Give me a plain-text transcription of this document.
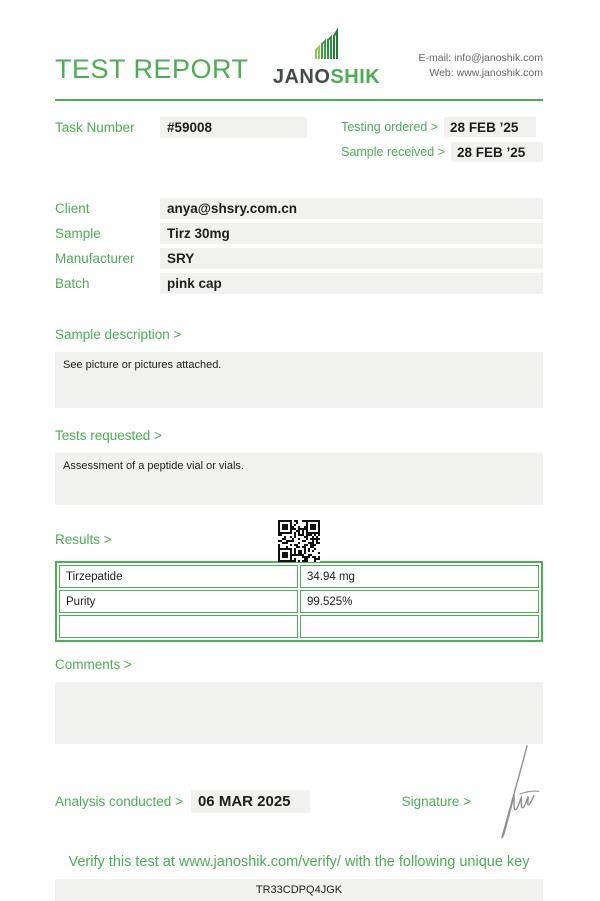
TEST REPORT JANOSHIK
E-mail: info@janoshik.com
Web: www.janoshik.com
Task Number	#59008	Testing ordered > 28 FEB ’25
Sample received > 28 FEB ’25
Client	anya@shsry.com.cn
Sample	Tirz 30mg
Manufacturer	SRY
Batch	pink cap
Sample description >
See picture or pictures attached.
Tests requested >
Assessment of a peptide vial or vials.
Results >
Tirzepatide	34.94 mg
Purity	99.525%

Comments >
Analysis conducted >	06 MAR 2025	Signature >
Verify this test at www.janoshik.com/verify/ with the following unique key
TR33CDPQ4JGK
